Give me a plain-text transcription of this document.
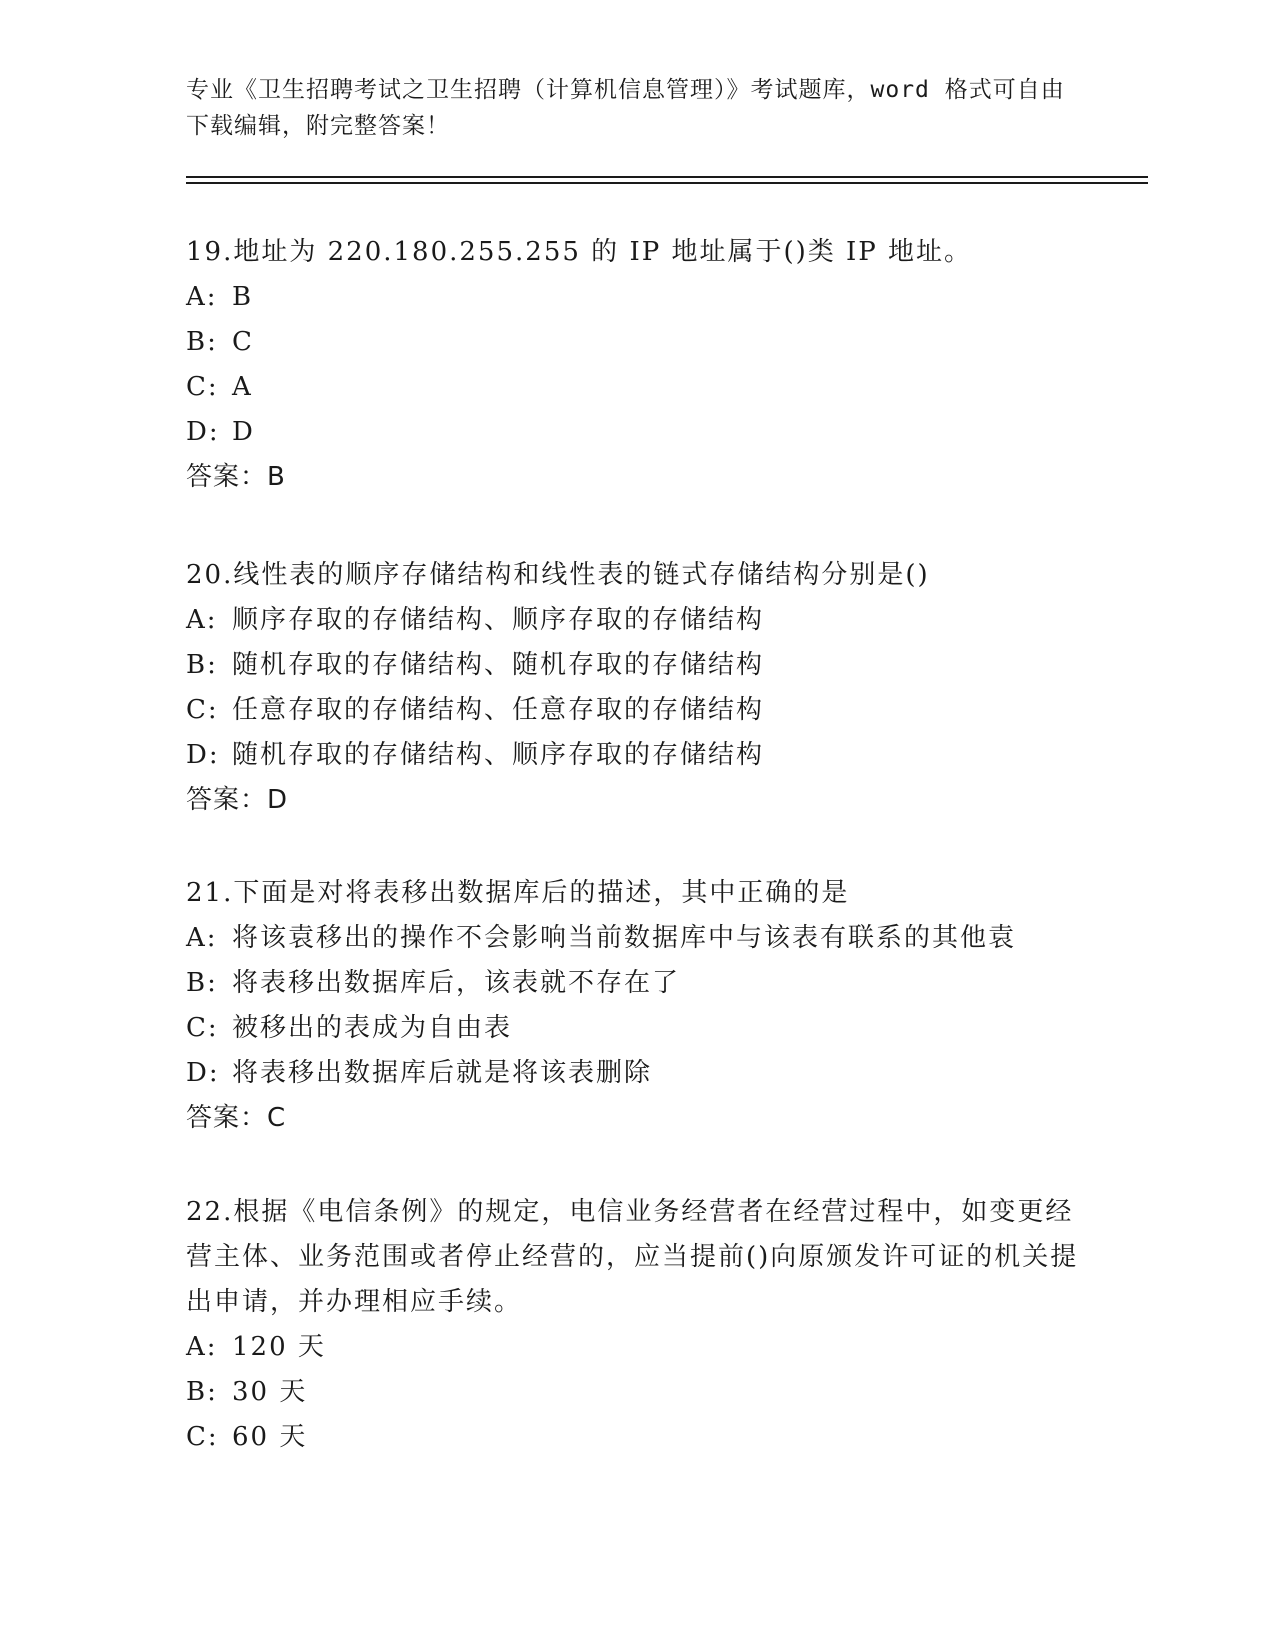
专业《卫生招聘考试之卫生招聘（计算机信息管理）》考试题库，word 格式可自由下载编辑，附完整答案！

19.地址为 220.180.255.255 的 IP 地址属于()类 IP 地址。

A: B

B: C

C: A

D: D

答案：B

20.线性表的顺序存储结构和线性表的链式存储结构分别是()

A: 顺序存取的存储结构、顺序存取的存储结构

B: 随机存取的存储结构、随机存取的存储结构

C: 任意存取的存储结构、任意存取的存储结构

D: 随机存取的存储结构、顺序存取的存储结构

答案：D

21.下面是对将表移出数据库后的描述，其中正确的是

A: 将该袁移出的操作不会影响当前数据库中与该表有联系的其他袁

B: 将表移出数据库后，该表就不存在了

C: 被移出的表成为自由表

D: 将表移出数据库后就是将该表删除

答案：C

22.根据《电信条例》的规定，电信业务经营者在经营过程中，如变更经营主体、业务范围或者停止经营的，应当提前()向原颁发许可证的机关提出申请，并办理相应手续。

A: 120 天

B: 30 天

C: 60 天
